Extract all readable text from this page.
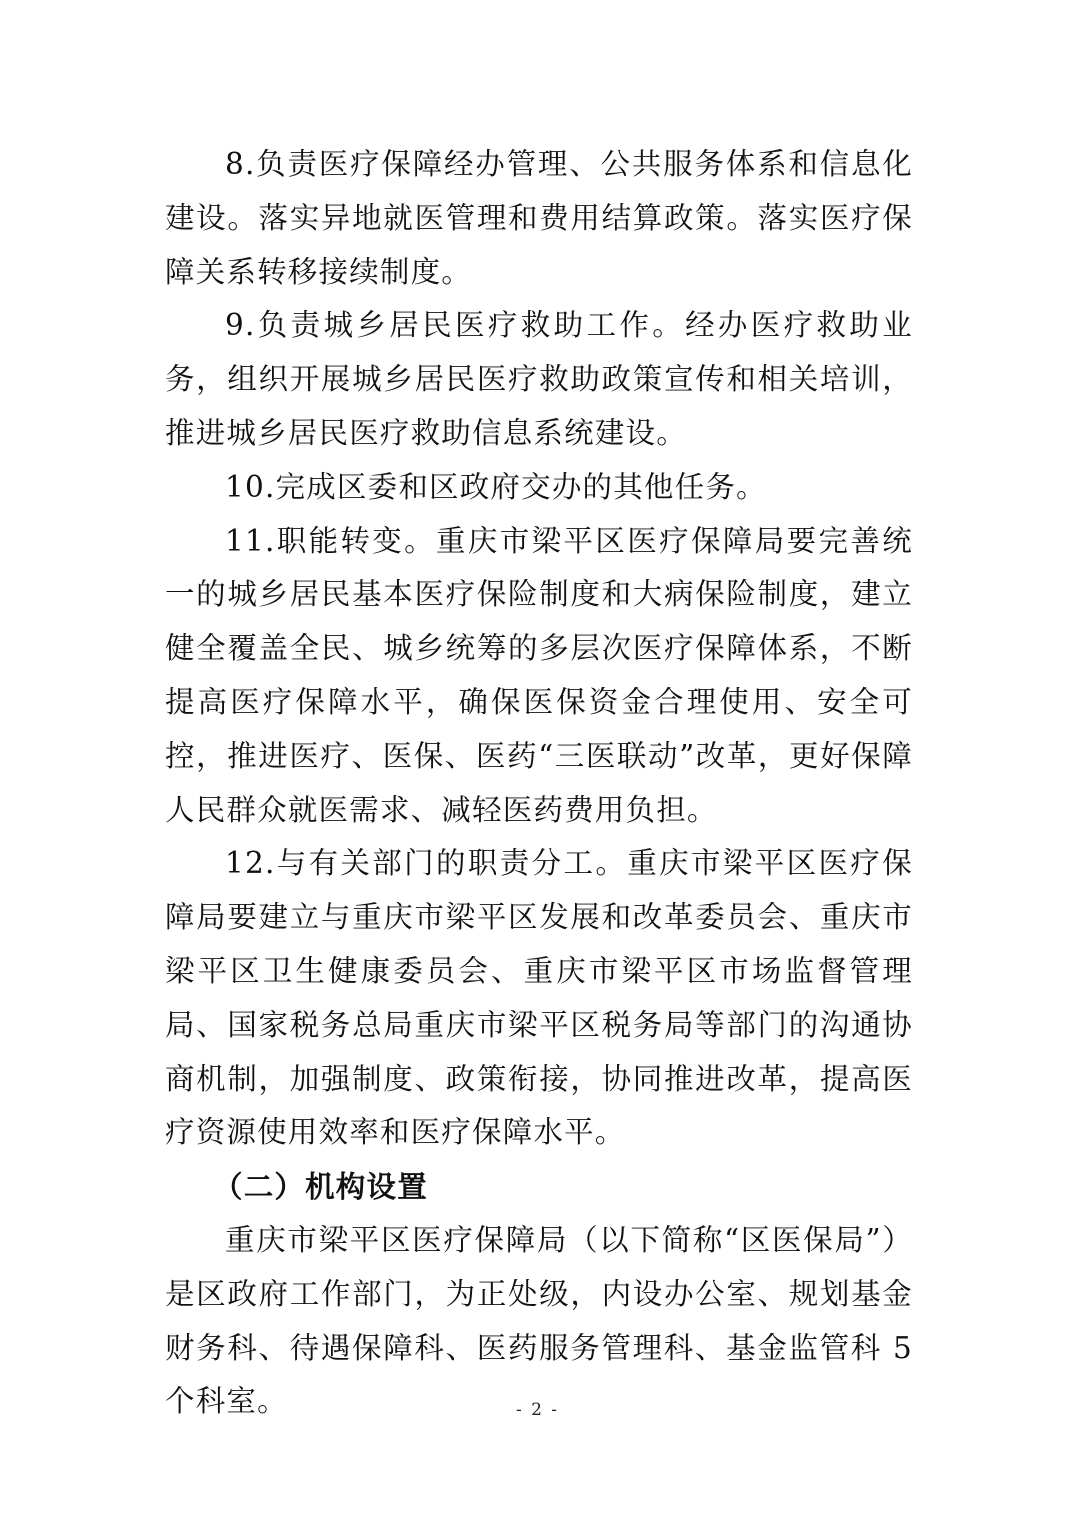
8.负责医疗保障经办管理、公共服务体系和信息化建设。落实异地就医管理和费用结算政策。落实医疗保障关系转移接续制度。

9.负责城乡居民医疗救助工作。经办医疗救助业务，组织开展城乡居民医疗救助政策宣传和相关培训，推进城乡居民医疗救助信息系统建设。

10.完成区委和区政府交办的其他任务。

11.职能转变。重庆市梁平区医疗保障局要完善统一的城乡居民基本医疗保险制度和大病保险制度，建立健全覆盖全民、城乡统筹的多层次医疗保障体系，不断提高医疗保障水平，确保医保资金合理使用、安全可控，推进医疗、医保、医药“三医联动”改革，更好保障人民群众就医需求、减轻医药费用负担。

12.与有关部门的职责分工。重庆市梁平区医疗保障局要建立与重庆市梁平区发展和改革委员会、重庆市梁平区卫生健康委员会、重庆市梁平区市场监督管理局、国家税务总局重庆市梁平区税务局等部门的沟通协商机制，加强制度、政策衔接，协同推进改革，提高医疗资源使用效率和医疗保障水平。

（二）机构设置

重庆市梁平区医疗保障局（以下简称“区医保局”）是区政府工作部门，为正处级，内设办公室、规划基金财务科、待遇保障科、医药服务管理科、基金监管科 5 个科室。	- 2 -
